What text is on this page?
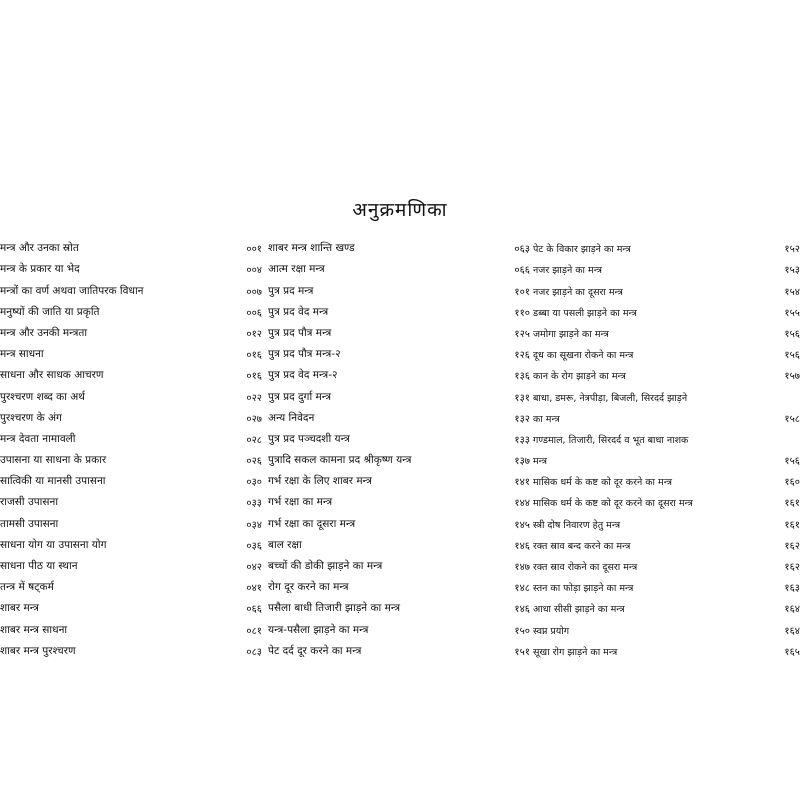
अनुक्रमणिका
मन्त्र और उनका स्रोत	००१
मन्त्र के प्रकार या भेद	००४
मन्त्रों का वर्ण अथवा जातिपरक विधान	००७
मनुष्यों की जाति या प्रकृति	००६
मन्त्र और उनकी मन्त्रता	०१२
मन्त्र साधना	०१६
साधना और साधक आचरण	०१६
पुरश्चरण शब्द का अर्थ	०२२
पुरश्चरण के अंग	०२७
मन्त्र देवता नामावली	०२८
उपासना या साधना के प्रकार	०२६
सात्विकी या मानसी उपासना	०३०
राजसी उपासना	०३३
तामसी उपासना	०३४
साधना योग या उपासना योग	०३६
साधना पीठ या स्थान	०४२
तन्त्र में षट्कर्म	०४१
शाबर मन्त्र	०६६
शाबर मन्त्र साधना	०८१
शाबर मन्त्र पुरश्चरण	०८३
शाबर मन्त्र शान्ति खण्ड	०६३
आत्म रक्षा मन्त्र	०६६
पुत्र प्रद मन्त्र	१०१
पुत्र प्रद वेद मन्त्र	११०
पुत्र प्रद पौत्र मन्त्र	१२५
पुत्र प्रद पौत्र मन्त्र-२	१२६
पुत्र प्रद वेद मन्त्र-२	१३६
पुत्र प्रद दुर्गा मन्त्र	१३१
अन्य निवेदन	१३२
पुत्र प्रद पञ्चदशी यन्त्र	१३३
पुत्रादि सकल कामना प्रद श्रीकृष्ण यन्त्र	१३७
गर्भ रक्षा के लिए शाबर मन्त्र	१४१
गर्भ रक्षा का मन्त्र	१४४
गर्भ रक्षा का दूसरा मन्त्र	१४५
बाल रक्षा	१४६
बच्चों की डोकी झाड़ने का मन्त्र	१४७
रोग दूर करने का मन्त्र	१४८
पसैला बाधी तिजारी झाड़ने का मन्त्र	१४६
यन्त्र-पसैला झाड़ने का मन्त्र	१५०
पेट दर्द दूर करने का मन्त्र	१५१
पेट के विकार झाड़ने का मन्त्र	१५२
नजर झाड़ने का मन्त्र	१५३
नजर झाड़ने का दूसरा मन्त्र	१५४
डब्बा या पसली झाड़ने का मन्त्र	१५५
जमोगा झाड़ने का मन्त्र	१५६
दूध का सूखना रोकने का मन्त्र	१५६
कान के रोग झाड़ने का मन्त्र	१५७
बाधा, डमरू, नेत्रपीड़ा, बिजली, सिरदर्द झाड़ने
का मन्त्र	१५८
गण्डमाल, तिजारी, सिरदर्द व भूत बाधा नाशक
मन्त्र	१५६
मासिक धर्म के कष्ट को दूर करने का मन्त्र	१६०
मासिक धर्म के कष्ट को दूर करने का दूसरा मन्त्र	१६१
स्त्री दोष निवारण हेतु मन्त्र	१६१
रक्त स्राव बन्द करने का मन्त्र	१६२
रक्त स्राव रोकने का दूसरा मन्त्र	१६२
स्तन का फोड़ा झाड़ने का मन्त्र	१६३
आधा सीसी झाड़ने का मन्त्र	१६४
स्वप्न प्रयोग	१६४
सूखा रोग झाड़ने का मन्त्र	१६५
